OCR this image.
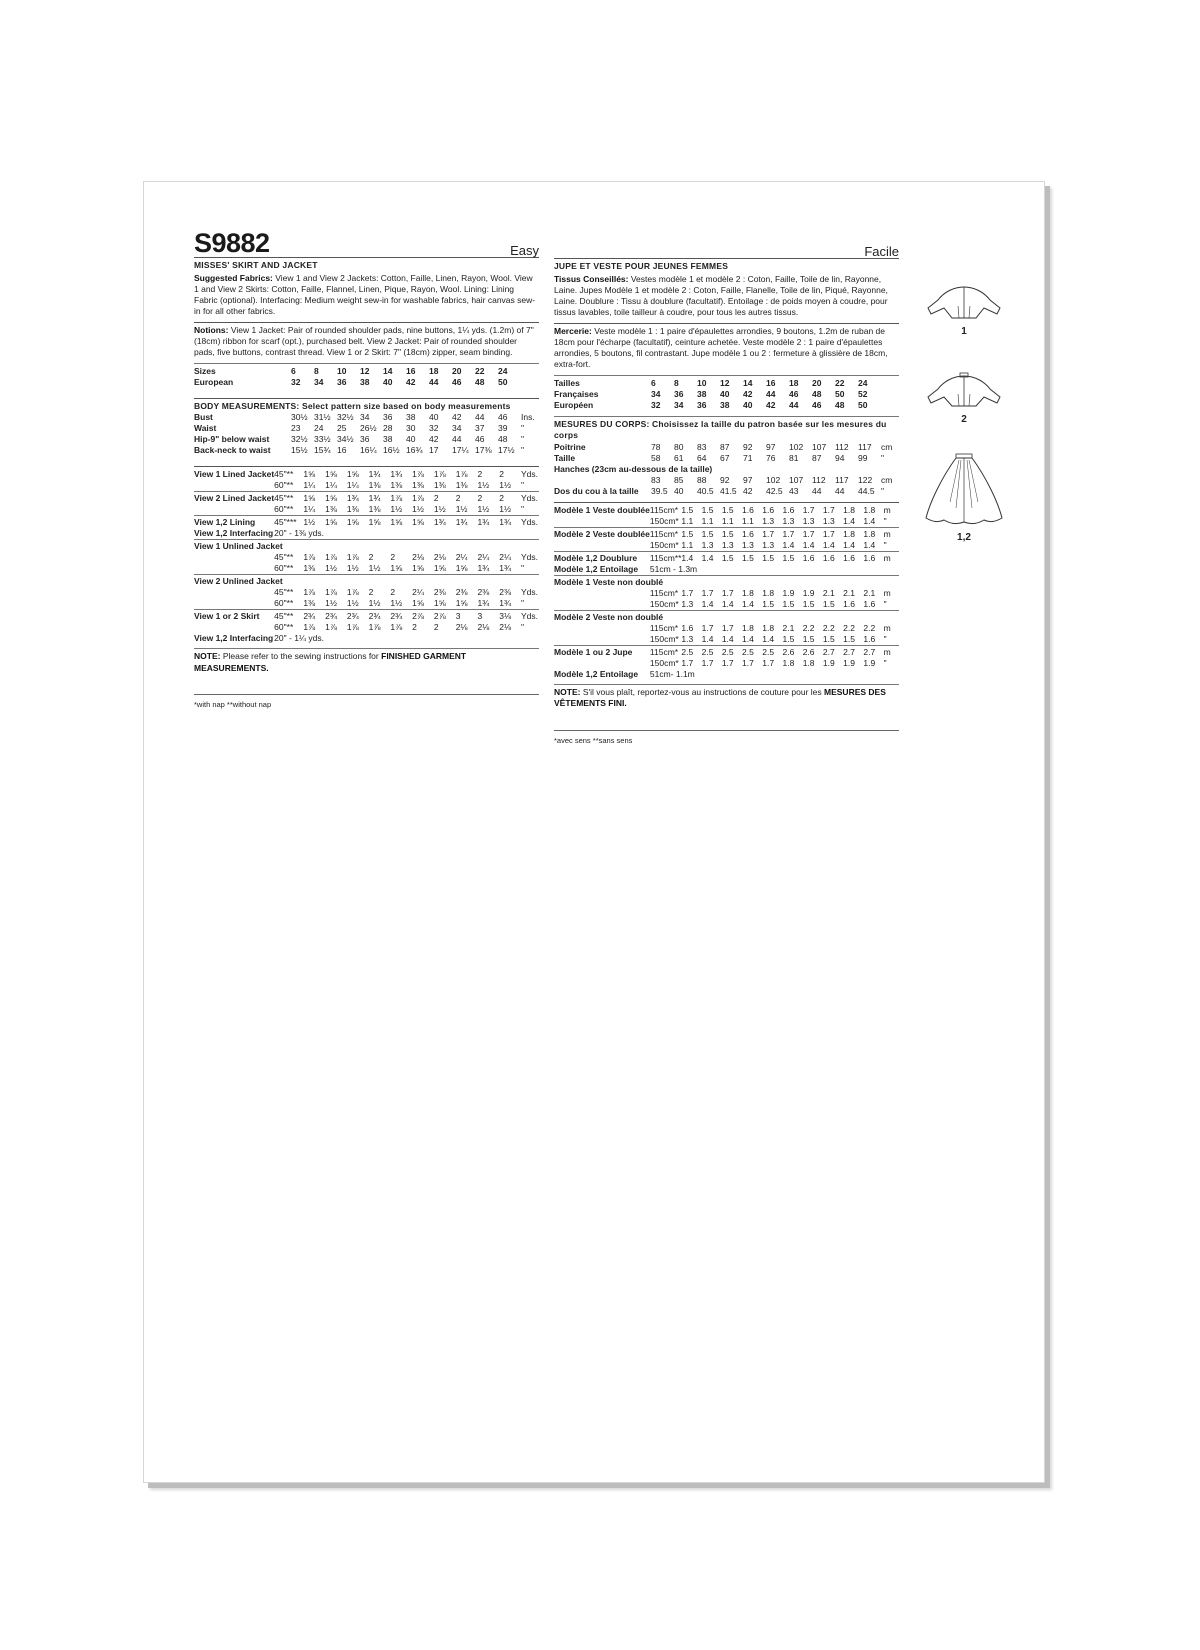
S9882	Easy
MISSES' SKIRT AND JACKET
Suggested Fabrics: View 1 and View 2 Jackets: Cotton, Faille, Linen, Rayon, Wool. View 1 and View 2 Skirts: Cotton, Faille, Flannel, Linen, Pique, Rayon, Wool. Lining: Lining Fabric (optional). Interfacing: Medium weight sew-in for washable fabrics, hair canvas sew-in for all other fabrics.
Notions: View 1 Jacket: Pair of rounded shoulder pads, nine buttons, 1¼ yds. (1.2m) of 7" (18cm) ribbon for scarf (opt.), purchased belt. View 2 Jacket: Pair of rounded shoulder pads, five buttons, contrast thread. View 1 or 2 Skirt: 7" (18cm) zipper, seam binding.
Sizes	6	8	10	12	14	16	18	20	22	24	
European	32	34	36	38	40	42	44	46	48	50	
BODY MEASUREMENTS: Select pattern size based on body measurements
Bust	30½	31½	32½	34	36	38	40	42	44	46	Ins.
Waist	23	24	25	26½	28	30	32	34	37	39	"
Hip-9" below waist	32½	33½	34½	36	38	40	42	44	46	48	"
Back-neck to waist	15½	15¾	16	16¼	16½	16¾	17	17¼	17⅜	17½	"
View 1 Lined Jacket	45"**	1⅝	1⅝	1⅝	1¾	1¾	1⅞	1⅞	1⅞	2	2	Yds.
	60"**	1¼	1¼	1¼	1⅜	1⅜	1⅜	1⅜	1⅜	1½	1½	"
View 2 Lined Jacket	45"**	1⅝	1⅝	1¾	1¾	1⅞	1⅞	2	2	2	2	Yds.
	60"**	1¼	1⅜	1⅜	1⅜	1½	1½	1½	1½	1½	1½	"
View 1,2 Lining	45"***	1½	1⅝	1⅝	1⅝	1⅝	1⅝	1¾	1¾	1¾	1¾	Yds.
View 1,2 Interfacing	20" - 1⅜ yds.											
View 1 Unlined Jacket												
	45"**	1⅞	1⅞	1⅞	2	2	2⅛	2⅛	2¼	2¼	2¼	Yds.
	60"**	1⅜	1½	1½	1½	1⅝	1⅝	1⅝	1⅝	1¾	1¾	"
View 2 Unlined Jacket												
	45"**	1⅞	1⅞	1⅞	2	2	2¼	2⅜	2⅜	2⅜	2⅜	Yds.
	60"**	1⅜	1½	1½	1½	1½	1⅝	1⅝	1⅝	1¾	1¾	"
View 1 or 2 Skirt	45"**	2¾	2¾	2¾	2¾	2¾	2⅞	2⅞	3	3	3⅛	Yds.
	60"**	1⅞	1⅞	1⅞	1⅞	1⅞	2	2	2⅛	2⅛	2⅛	"
View 1,2 Interfacing	20" - 1¼ yds.											
NOTE: Please refer to the sewing instructions for FINISHED GARMENT MEASUREMENTS.
*with nap **without nap
Facile
JUPE ET VESTE POUR JEUNES FEMMES
Tissus Conseillés: Vestes modèle 1 et modèle 2 : Coton, Faille, Toile de lin, Rayonne, Laine. Jupes Modèle 1 et modèle 2 : Coton, Faille, Flanelle, Toile de lin, Piqué, Rayonne, Laine. Doublure : Tissu à doublure (facultatif). Entoilage : de poids moyen à coudre, pour tissus lavables, toile tailleur à coudre, pour tous les autres tissus.
Mercerie: Veste modèle 1 : 1 paire d'épaulettes arrondies, 9 boutons, 1.2m de ruban de 18cm pour l'écharpe (facultatif), ceinture achetée. Veste modèle 2 : 1 paire d'épaulettes arrondies, 5 boutons, fil contrastant. Jupe modèle 1 ou 2 : fermeture à glissière de 18cm, extra-fort.
Tailles	6	8	10	12	14	16	18	20	22	24	
Françaises	34	36	38	40	42	44	46	48	50	52	
Européen	32	34	36	38	40	42	44	46	48	50	
MESURES DU CORPS: Choisissez la taille du patron basée sur les mesures du corps
Poitrine	78	80	83	87	92	97	102	107	112	117	cm
Taille	58	61	64	67	71	76	81	87	94	99	"
Hanches (23cm au-dessous de la taille)											
	83	85	88	92	97	102	107	112	117	122	cm
Dos du cou à la taille	39.5	40	40.5	41.5	42	42.5	43	44	44	44.5	"
Modèle 1 Veste doublée	115cm*	1.5	1.5	1.5	1.6	1.6	1.6	1.7	1.7	1.8	1.8	m
	150cm*	1.1	1.1	1.1	1.1	1.3	1.3	1.3	1.3	1.4	1.4	"
Modèle 2 Veste doublée	115cm*	1.5	1.5	1.5	1.6	1.7	1.7	1.7	1.7	1.8	1.8	m
	150cm*	1.1	1.3	1.3	1.3	1.3	1.4	1.4	1.4	1.4	1.4	"
Modèle 1,2 Doublure	115cm**	1.4	1.4	1.5	1.5	1.5	1.5	1.6	1.6	1.6	1.6	m
Modèle 1,2 Entoilage	51cm - 1.3m											
Modèle 1 Veste non doublé												
	115cm*	1.7	1.7	1.7	1.8	1.8	1.9	1.9	2.1	2.1	2.1	m
	150cm*	1.3	1.4	1.4	1.4	1.5	1.5	1.5	1.5	1.6	1.6	"
Modèle 2 Veste non doublé												
	115cm*	1.6	1.7	1.7	1.8	1.8	2.1	2.2	2.2	2.2	2.2	m
	150cm*	1.3	1.4	1.4	1.4	1.4	1.5	1.5	1.5	1.5	1.6	"
Modèle 1 ou 2 Jupe	115cm*	2.5	2.5	2.5	2.5	2.5	2.6	2.6	2.7	2.7	2.7	m
	150cm*	1.7	1.7	1.7	1.7	1.7	1.8	1.8	1.9	1.9	1.9	"
Modèle 1,2 Entoilage	51cm- 1.1m											
NOTE: S'il vous plaît, reportez-vous au instructions de couture pour les MESURES DES VÊTEMENTS FINI.
*avec sens **sans sens
1
2
1,2
